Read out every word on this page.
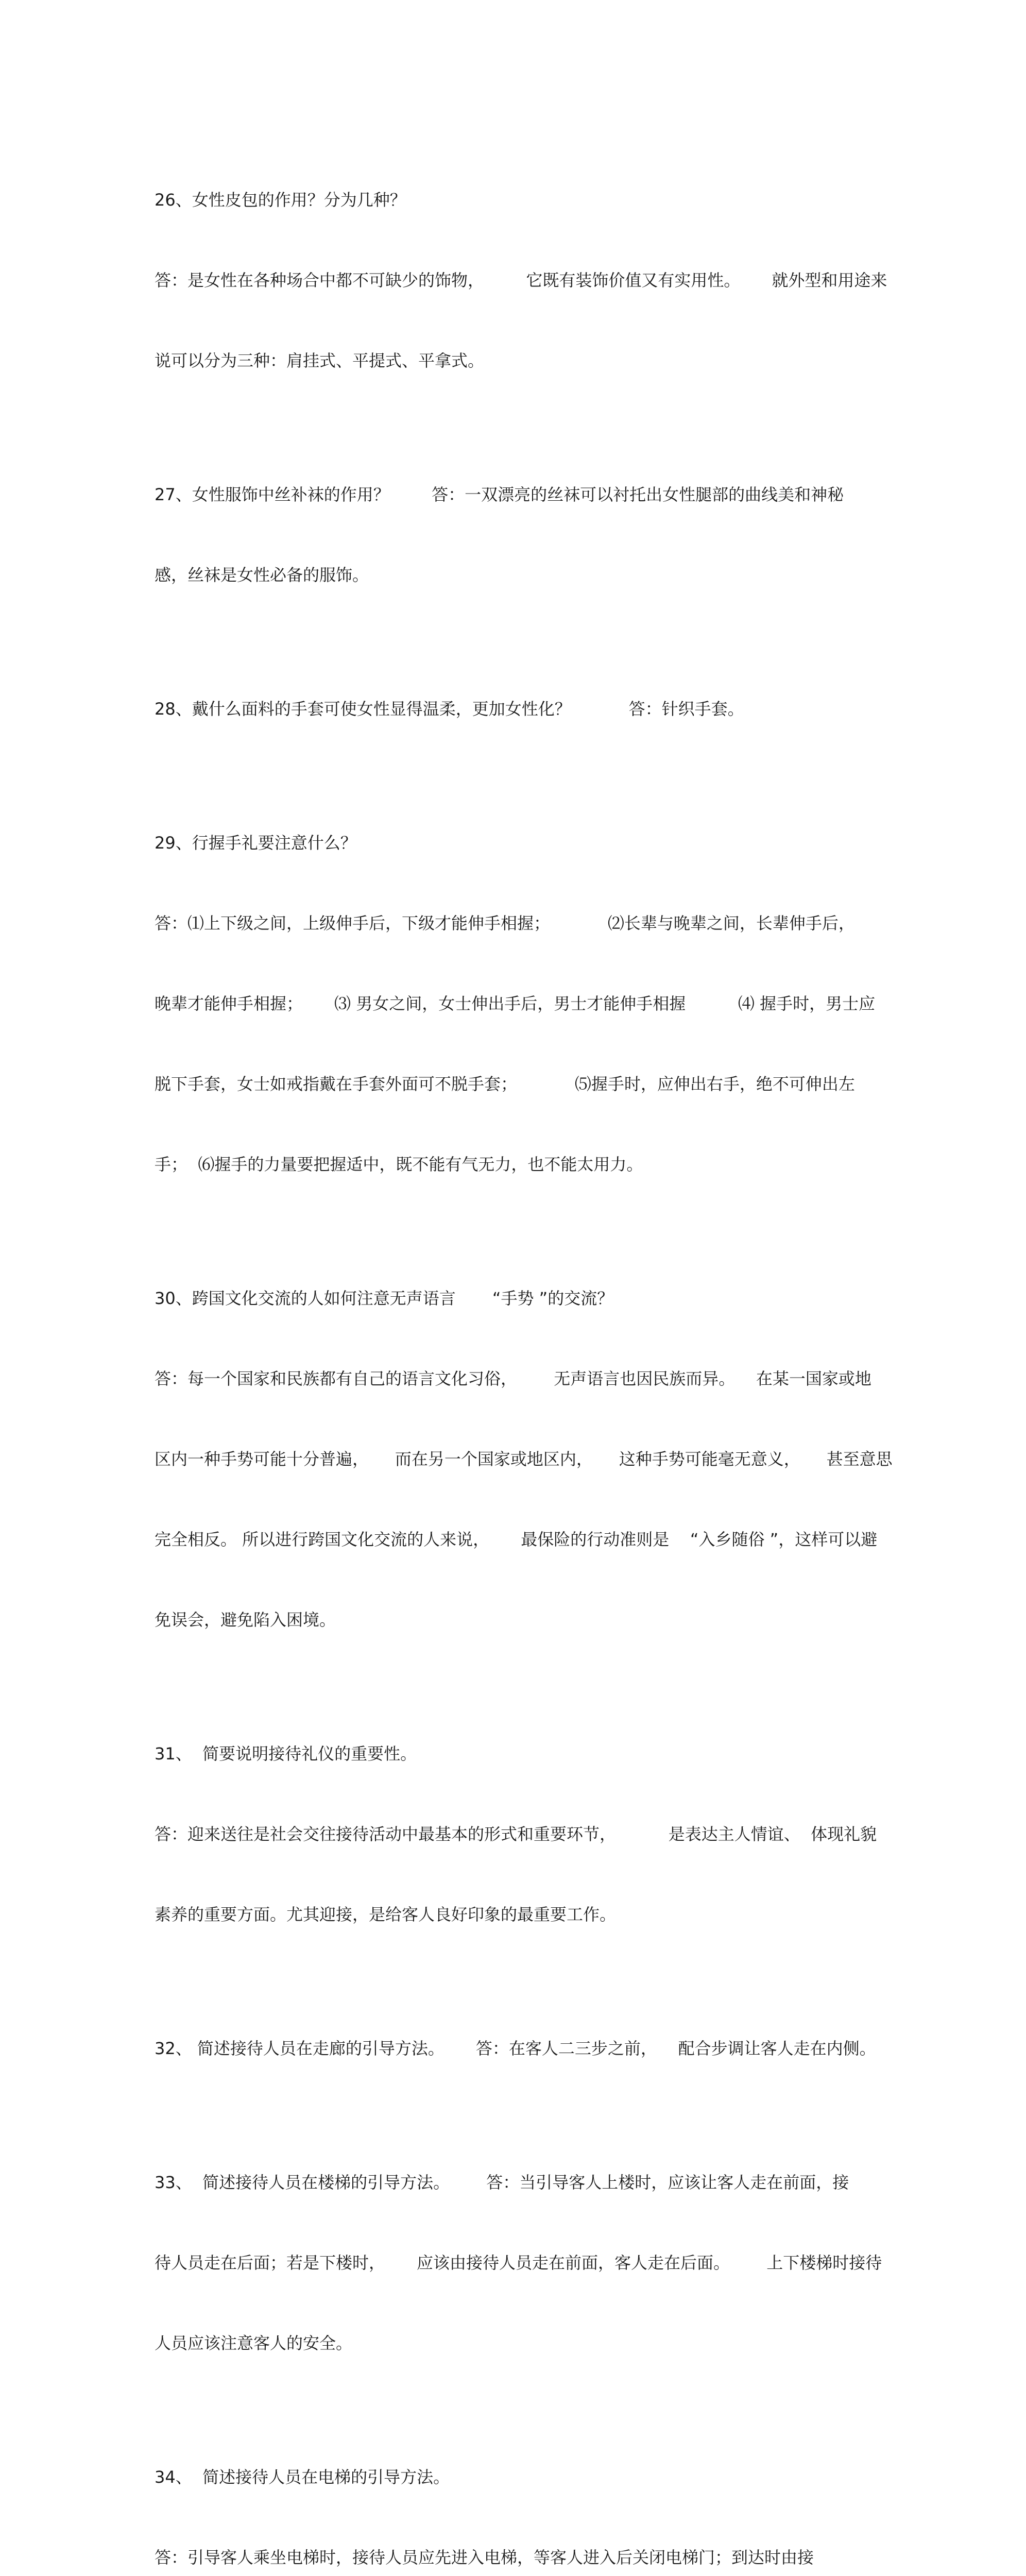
26、女性皮包的作用？分为几种？

答：是女性在各种场合中都不可缺少的饰物，        它既有装饰价值又有实用性。      就外型和用途来

说可以分为三种：肩挂式、平提式、平拿式。

27、女性服饰中丝补袜的作用？        答：一双漂亮的丝袜可以衬托出女性腿部的曲线美和神秘

感，丝袜是女性必备的服饰。

28、戴什么面料的手套可使女性显得温柔，更加女性化？           答：针织手套。

29、行握手礼要注意什么？

答：⑴上下级之间，上级伸手后，下级才能伸手相握；           ⑵长辈与晚辈之间，长辈伸手后，

晚辈才能伸手相握；      ⑶ 男女之间，女士伸出手后，男士才能伸手相握          ⑷ 握手时，男士应

脱下手套，女士如戒指戴在手套外面可不脱手套；           ⑸握手时，应伸出右手，绝不可伸出左

手；  ⑹握手的力量要把握适中，既不能有气无力，也不能太用力。

30、跨国文化交流的人如何注意无声语言       “手势 ”的交流？

答：每一个国家和民族都有自己的语言文化习俗，       无声语言也因民族而异。    在某一国家或地

区内一种手势可能十分普遍，     而在另一个国家或地区内，     这种手势可能毫无意义，     甚至意思

完全相反。 所以进行跨国文化交流的人来说，      最保险的行动准则是    “入乡随俗 ”，这样可以避

免误会，避免陷入困境。

31、  简要说明接待礼仪的重要性。

答：迎来送往是社会交往接待活动中最基本的形式和重要环节，          是表达主人情谊、  体现礼貌

素养的重要方面。尤其迎接，是给客人良好印象的最重要工作。

32、 简述接待人员在走廊的引导方法。      答：在客人二三步之前，    配合步调让客人走在内侧。

33、  简述接待人员在楼梯的引导方法。       答：当引导客人上楼时，应该让客人走在前面，接

待人员走在后面；若是下楼时，      应该由接待人员走在前面，客人走在后面。       上下楼梯时接待

人员应该注意客人的安全。

34、  简述接待人员在电梯的引导方法。

答：引导客人乘坐电梯时，接待人员应先进入电梯，等客人进入后关闭电梯门；到达时由接
